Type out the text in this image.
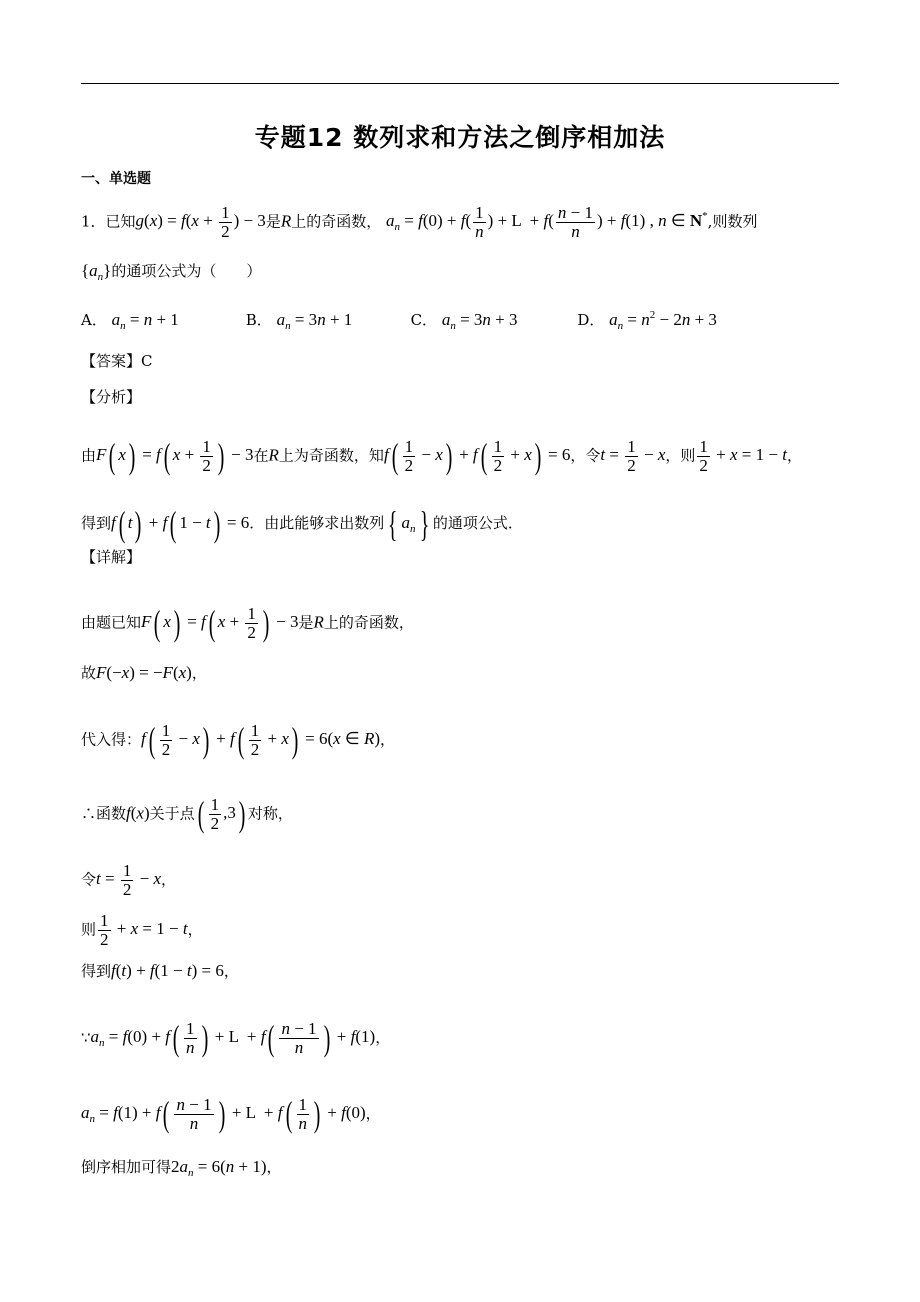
专题12 数列求和方法之倒序相加法
一、单选题
1．已知$g(x) = f(x + \frac{1}{2}$ ) − 3是R上的奇函数， $a_n = f(0) + f( \frac{1}{n}$ ) + $L + f( \frac{n - 1}{n}$ ) + f(1) , n ∈ N*,则数列
$\{a_n\}$的通项公式为（　　）
A． $a_n = n + 1$	B． $a_n = 3n + 1$	C． $a_n = 3n + 3$	D． $a_n = n^2 - 2n + 3$
【答案】C
【分析】
由F( x) = f( $x + \frac{1}{2}$ ) − 3在R上为奇函数，知$f( \frac{1}{2} - x) + f( \frac{1}{2} + x) = 6$，令$t = \frac{1}{2} - x$，则 $\frac{1}{2} + x = 1 - t$，
得到f( t) + f( 1 − t) = 6．由此能够求出数列 { $a_n$ } 的通项公式．
【详解】
由题已知F( x) = f( $x + \frac{1}{2}$ ) − 3是R上的奇函数，
故F(−x) = −F(x)，
代入得：$f( \frac{1}{2} - x) + f( \frac{1}{2} + x) = 6(x$ ∈ R)，
∴函数f(x)关于点( $\frac{1}{2} ,3$) 对称，
令$t = \frac{1}{2} - x$，
则 $\frac{1}{2} + x = 1 - t$，
得到f(t) + f(1 − t) = 6，
$\because a_n = f(0) + f( \frac{1}{n}$ ) + $L + f( \frac{n - 1}{n}$ ) + f(1)，
$a_n = f(1) + f( \frac{n - 1}{n}$ ) + $L + f( \frac{1}{n}$ ) + f(0)，
倒序相加可得$2a_n = 6(n + 1)$，
